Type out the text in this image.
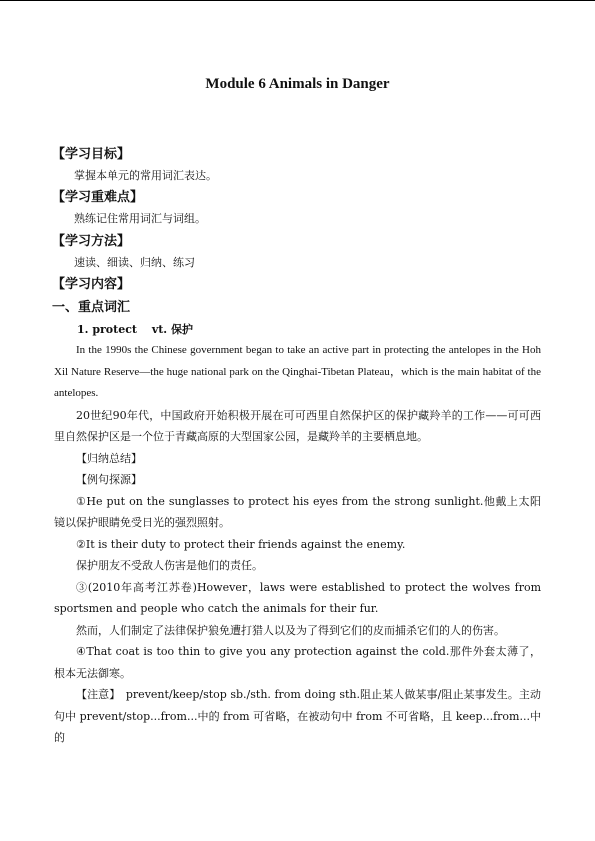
Module 6 Animals in Danger
【学习目标】
掌握本单元的常用词汇表达。
【学习重难点】
熟练记住常用词汇与词组。
【学习方法】
速读、细读、归纳、练习
【学习内容】
一、重点词汇
1. protect　 vt. 保护

In the 1990s the Chinese government began to take an active part in protecting the antelopes in the Hoh Xil Nature Reserve—the huge national park on the Qinghai-Tibetan Plateau，which is the main habitat of the antelopes.

20世纪90年代，中国政府开始积极开展在可可西里自然保护区的保护藏羚羊的工作——可可西里自然保护区是一个位于青藏高原的大型国家公园，是藏羚羊的主要栖息地。

【归纳总结】

【例句探源】

①He put on the sunglasses to protect his eyes from the strong sunlight.他戴上太阳镜以保护眼睛免受日光的强烈照射。

②It is their duty to protect their friends against the enemy.

保护朋友不受敌人伤害是他们的责任。

③(2010年高考江苏卷)However，laws were established to protect the wolves from sportsmen and people who catch the animals for their fur.

然而，人们制定了法律保护狼免遭打猎人以及为了得到它们的皮而捕杀它们的人的伤害。

④That coat is too thin to give you any protection against the cold.那件外套太薄了，根本无法御寒。

【注意】　prevent/keep/stop sb./sth. from doing sth.阻止某人做某事/阻止某事发生。主动句中 prevent/stop...from...中的 from 可省略，在被动句中 from 不可省略，且 keep...from...中的
